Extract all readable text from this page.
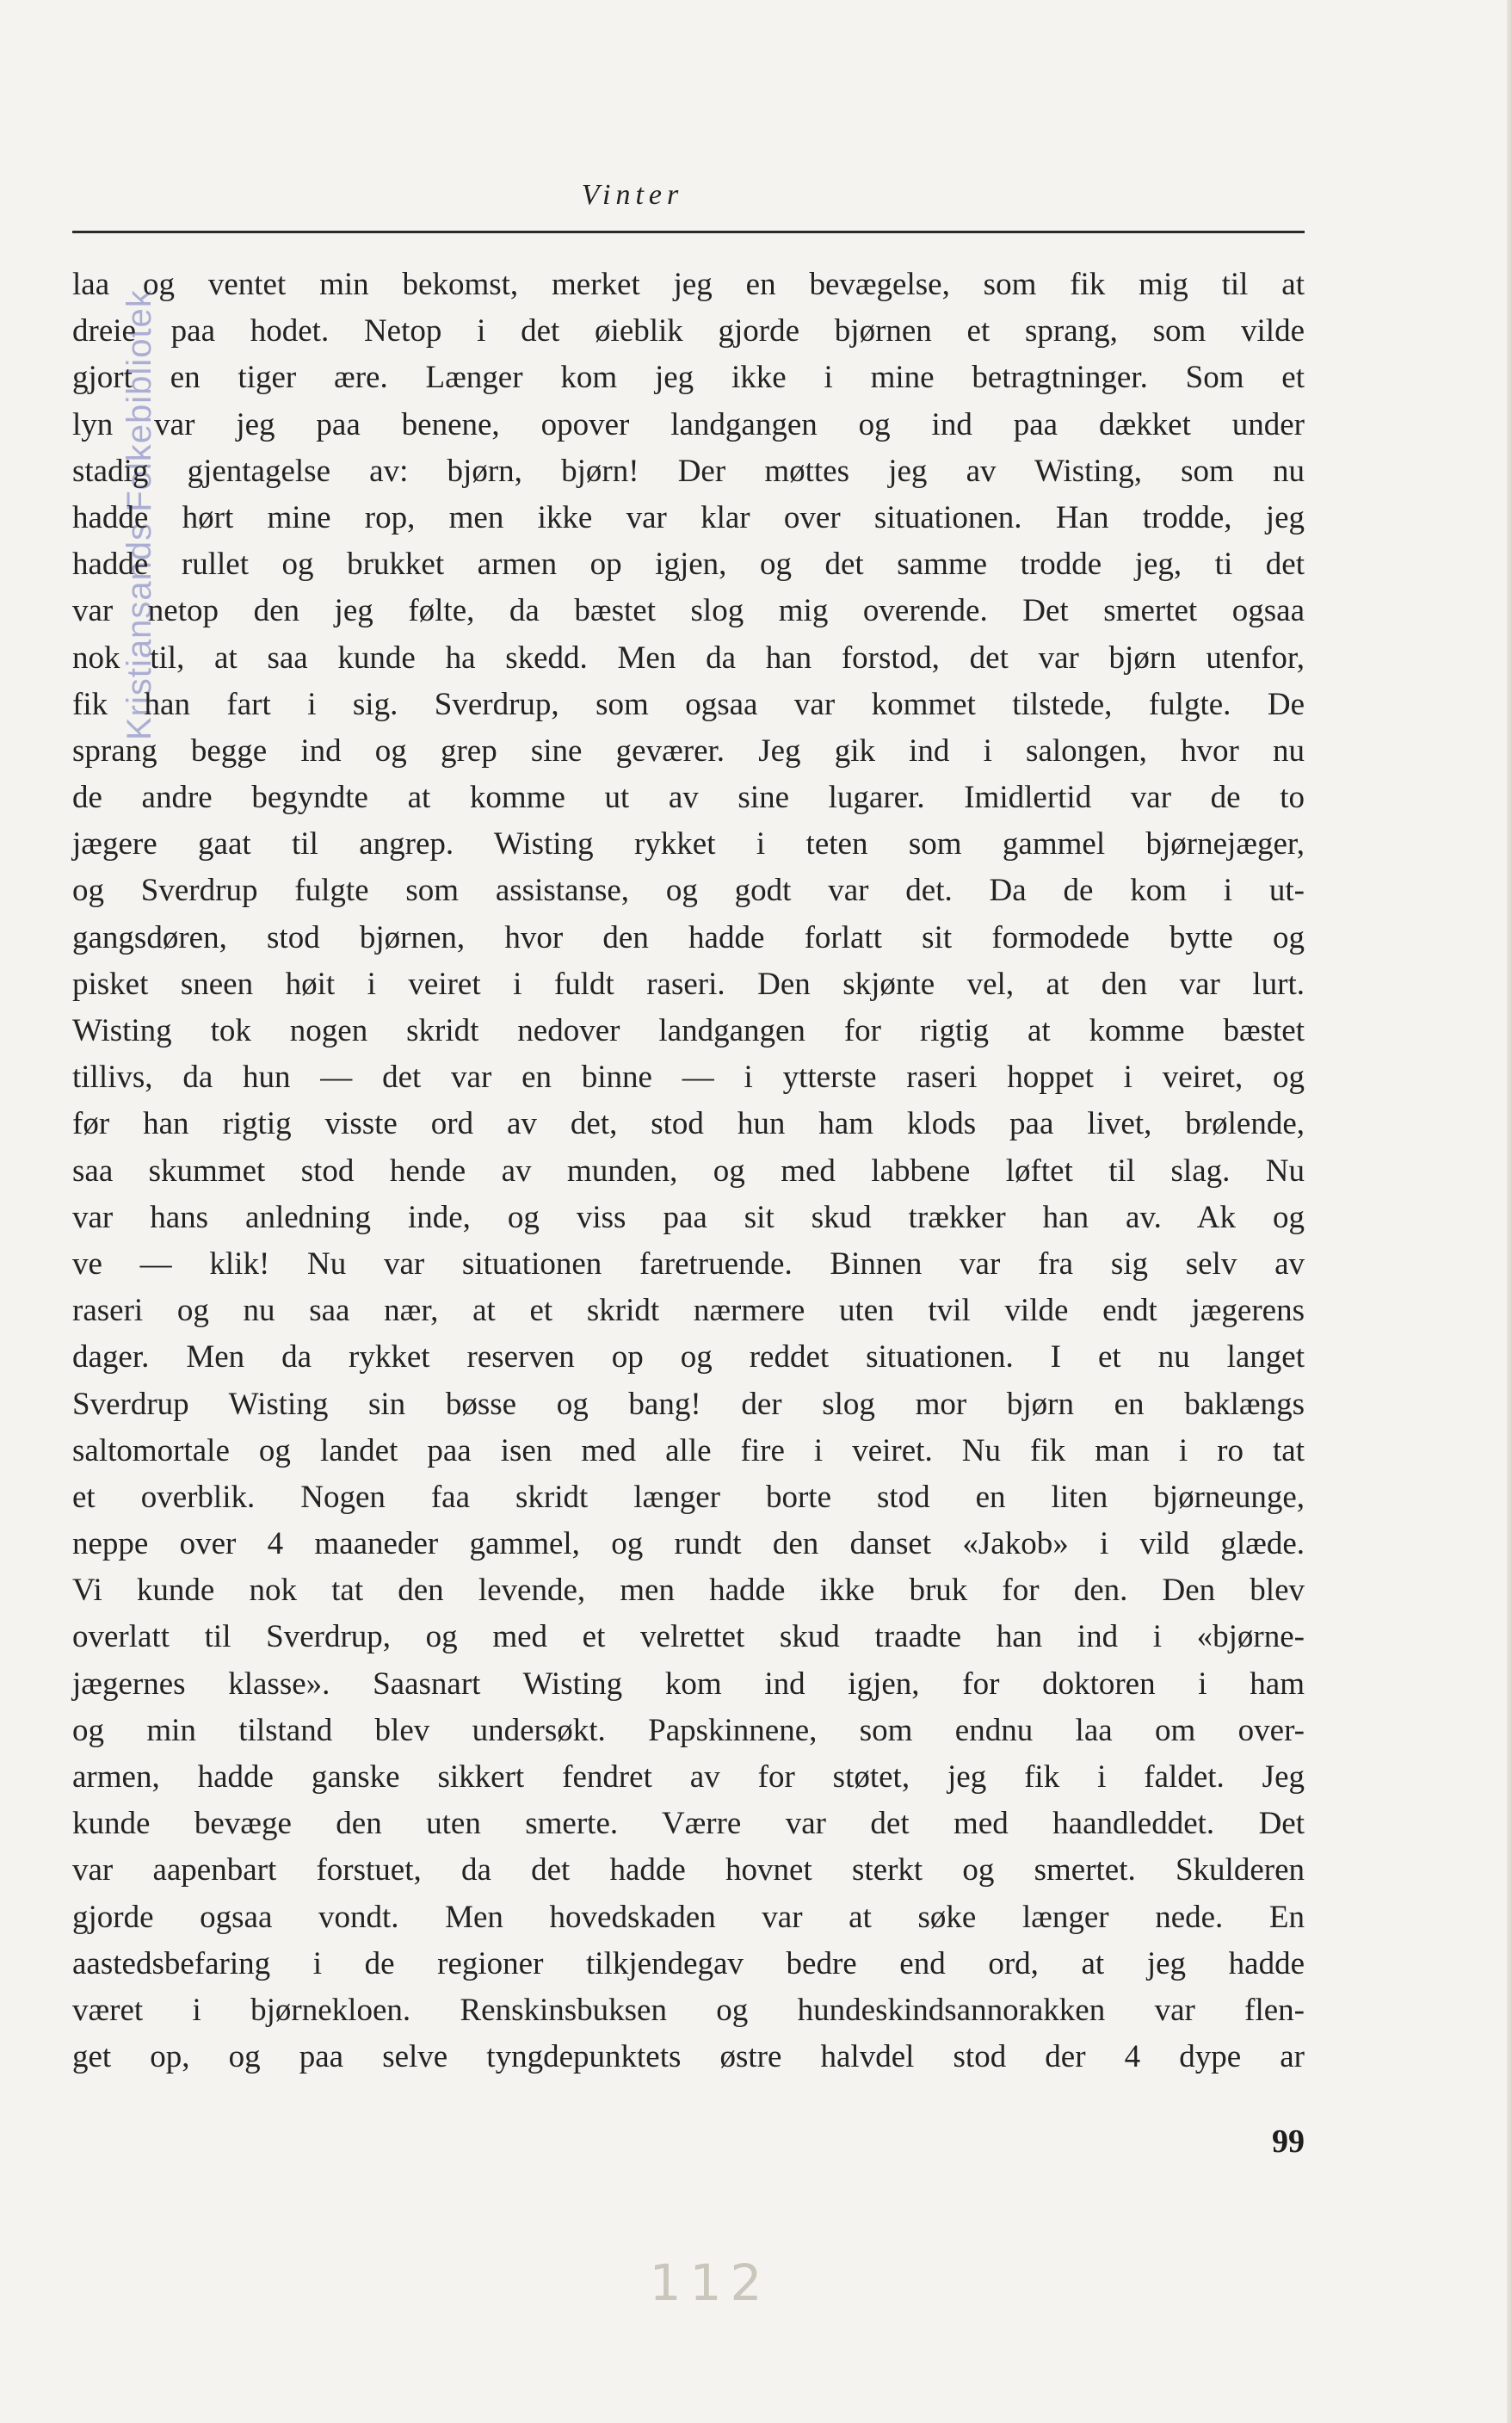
Kristiansands Folkebibliotek
Vinter
laa og ventet min bekomst, merket jeg en bevægelse, som fik mig til at
dreie paa hodet. Netop i det øieblik gjorde bjørnen et sprang, som vilde
gjort en tiger ære. Længer kom jeg ikke i mine betragtninger. Som et
lyn var jeg paa benene, opover landgangen og ind paa dækket under
stadig gjentagelse av: bjørn, bjørn! Der møttes jeg av Wisting, som nu
hadde hørt mine rop, men ikke var klar over situationen. Han trodde, jeg
hadde rullet og brukket armen op igjen, og det samme trodde jeg, ti det
var netop den jeg følte, da bæstet slog mig overende. Det smertet ogsaa
nok til, at saa kunde ha skedd. Men da han forstod, det var bjørn utenfor,
fik han fart i sig. Sverdrup, som ogsaa var kommet tilstede, fulgte. De
sprang begge ind og grep sine geværer. Jeg gik ind i salongen, hvor nu
de andre begyndte at komme ut av sine lugarer. Imidlertid var de to
jægere gaat til angrep. Wisting rykket i teten som gammel bjørnejæger,
og Sverdrup fulgte som assistanse, og godt var det. Da de kom i ut-
gangsdøren, stod bjørnen, hvor den hadde forlatt sit formodede bytte og
pisket sneen høit i veiret i fuldt raseri. Den skjønte vel, at den var lurt.
Wisting tok nogen skridt nedover landgangen for rigtig at komme bæstet
tillivs, da hun — det var en binne — i ytterste raseri hoppet i veiret, og
før han rigtig visste ord av det, stod hun ham klods paa livet, brølende,
saa skummet stod hende av munden, og med labbene løftet til slag. Nu
var hans anledning inde, og viss paa sit skud trækker han av. Ak og
ve — klik! Nu var situationen faretruende. Binnen var fra sig selv av
raseri og nu saa nær, at et skridt nærmere uten tvil vilde endt jægerens
dager. Men da rykket reserven op og reddet situationen. I et nu langet
Sverdrup Wisting sin bøsse og bang! der slog mor bjørn en baklængs
saltomortale og landet paa isen med alle fire i veiret. Nu fik man i ro tat
et overblik. Nogen faa skridt længer borte stod en liten bjørneunge,
neppe over 4 maaneder gammel, og rundt den danset «Jakob» i vild glæde.
Vi kunde nok tat den levende, men hadde ikke bruk for den. Den blev
overlatt til Sverdrup, og med et velrettet skud traadte han ind i «bjørne-
jægernes klasse». Saasnart Wisting kom ind igjen, for doktoren i ham
og min tilstand blev undersøkt. Papskinnene, som endnu laa om over-
armen, hadde ganske sikkert fendret av for støtet, jeg fik i faldet. Jeg
kunde bevæge den uten smerte. Værre var det med haandleddet. Det
var aapenbart forstuet, da det hadde hovnet sterkt og smertet. Skulderen
gjorde ogsaa vondt. Men hovedskaden var at søke længer nede. En
aastedsbefaring i de regioner tilkjendegav bedre end ord, at jeg hadde
været i bjørnekloen. Renskinsbuksen og hundeskindsannorakken var flen-
get op, og paa selve tyngdepunktets østre halvdel stod der 4 dype ar
99
112
